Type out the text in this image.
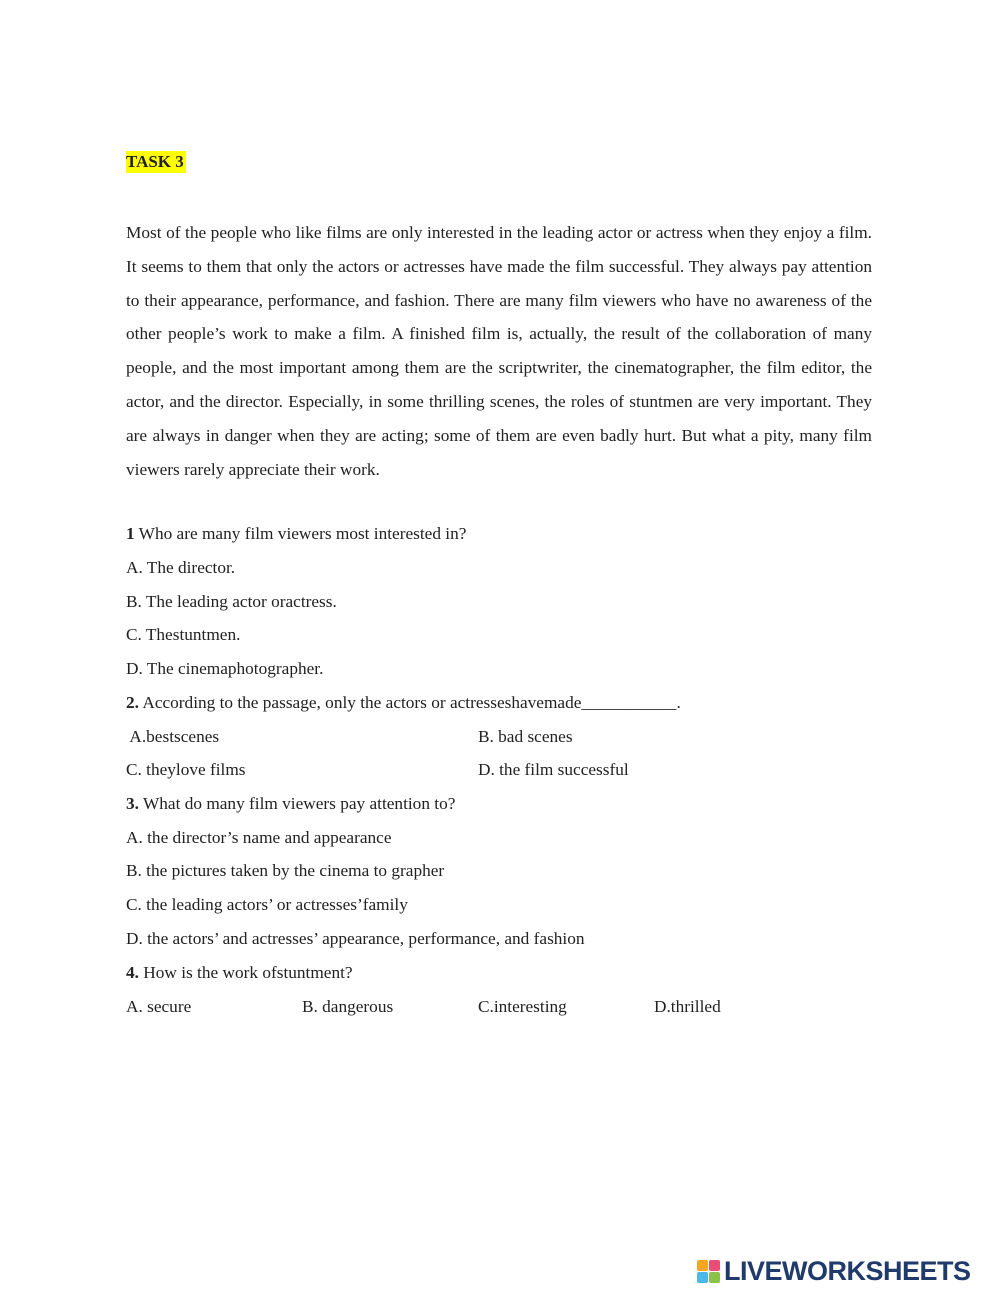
TASK 3

Most of the people who like films are only interested in the leading actor or actress when they enjoy a film. It seems to them that only the actors or actresses have made the film successful. They always pay attention to their appearance, performance, and fashion. There are many film viewers who have no awareness of the other people’s work to make a film. A finished film is, actually, the result of the collaboration of many people, and the most important among them are the scriptwriter, the cinematographer, the film editor, the actor, and the director. Especially, in some thrilling scenes, the roles of stuntmen are very important. They are always in danger when they are acting; some of them are even badly hurt. But what a pity, many film viewers rarely appreciate their work.

1 Who are many film viewers most interested in?
A. The director.
B. The leading actor oractress.
C. Thestuntmen.
D. The cinemaphotographer.
2. According to the passage, only the actors or actresseshavemade___________.
A.bestscenes	B. bad scenes
C. theylove films	D. the film successful
3. What do many film viewers pay attention to?
A. the director’s name and appearance
B. the pictures taken by the cinema to grapher
C. the leading actors’ or actresses’family
D. the actors’ and actresses’ appearance, performance, and fashion
4. How is the work ofstuntment?
A. secure	B. dangerous	C.interesting	D.thrilled
LIVEWORKSHEETS
